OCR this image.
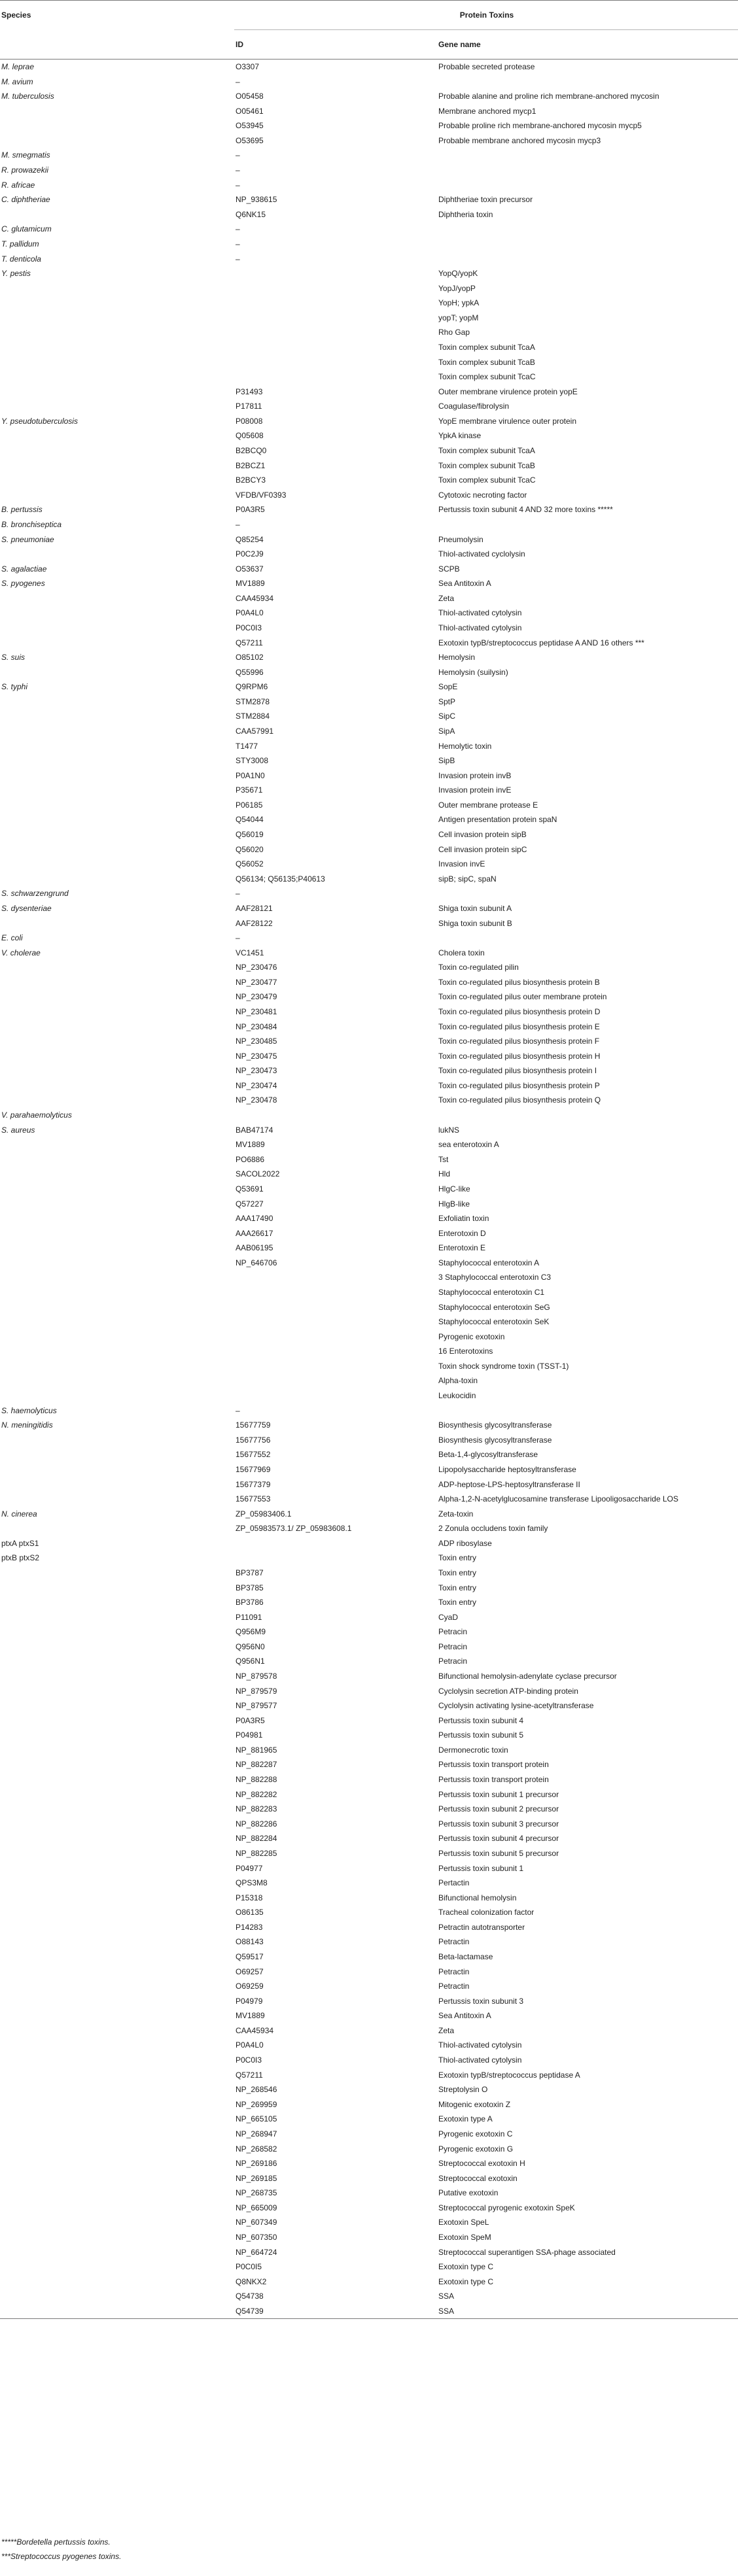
Species	Protein Toxins	
	ID	Gene name
M. leprae	O3307	Probable secreted protease
M. avium	–	
M. tuberculosis	O05458	Probable alanine and proline rich membrane-anchored mycosin
	O05461	Membrane anchored mycp1
	O53945	Probable proline rich membrane-anchored mycosin mycp5
	O53695	Probable membrane anchored mycosin mycp3
M. smegmatis	–	
R. prowazekii	–	
R. africae	–	
C. diphtheriae	NP_938615	Diphtheriae toxin precursor
	Q6NK15	Diphtheria toxin
C. glutamicum	–	
T. pallidum	–	
T. denticola	–	
Y. pestis		YopQ/yopK
		YopJ/yopP
		YopH; ypkA
		yopT; yopM
		Rho Gap
		Toxin complex subunit TcaA
		Toxin complex subunit TcaB
		Toxin complex subunit TcaC
	P31493	Outer membrane virulence protein yopE
	P17811	Coagulase/fibrolysin
Y. pseudotuberculosis	P08008	YopE membrane virulence outer protein
	Q05608	YpkA kinase
	B2BCQ0	Toxin complex subunit TcaA
	B2BCZ1	Toxin complex subunit TcaB
	B2BCY3	Toxin complex subunit TcaC
	VFDB/VF0393	Cytotoxic necroting factor
B. pertussis	P0A3R5	Pertussis toxin subunit 4 AND 32 more toxins *****
B. bronchiseptica	–	
S. pneumoniae	Q85254	Pneumolysin
	P0C2J9	Thiol-activated cyclolysin
S. agalactiae	O53637	SCPB
S. pyogenes	MV1889	Sea Antitoxin A
	CAA45934	Zeta
	P0A4L0	Thiol-activated cytolysin
	P0C0I3	Thiol-activated cytolysin
	Q57211	Exotoxin typB/streptococcus peptidase A AND 16 others ***
S. suis	O85102	Hemolysin
	Q55996	Hemolysin (suilysin)
S. typhi	Q9RPM6	SopE
	STM2878	SptP
	STM2884	SipC
	CAA57991	SipA
	T1477	Hemolytic toxin
	STY3008	SipB
	P0A1N0	Invasion protein invB
	P35671	Invasion protein invE
	P06185	Outer membrane protease E
	Q54044	Antigen presentation protein spaN
	Q56019	Cell invasion protein sipB
	Q56020	Cell invasion protein sipC
	Q56052	Invasion invE
	Q56134; Q56135;P40613	sipB; sipC, spaN
S. schwarzengrund	–	
S. dysenteriae	AAF28121	Shiga toxin subunit A
	AAF28122	Shiga toxin subunit B
E. coli	–	
V. cholerae	VC1451	Cholera toxin
	NP_230476	Toxin co-regulated pilin
	NP_230477	Toxin co-regulated pilus biosynthesis protein B
	NP_230479	Toxin co-regulated pilus outer membrane protein
	NP_230481	Toxin co-regulated pilus biosynthesis protein D
	NP_230484	Toxin co-regulated pilus biosynthesis protein E
	NP_230485	Toxin co-regulated pilus biosynthesis protein F
	NP_230475	Toxin co-regulated pilus biosynthesis protein H
	NP_230473	Toxin co-regulated pilus biosynthesis protein I
	NP_230474	Toxin co-regulated pilus biosynthesis protein P
	NP_230478	Toxin co-regulated pilus biosynthesis protein Q
V. parahaemolyticus		
S. aureus	BAB47174	lukNS
	MV1889	sea enterotoxin A
	PO6886	Tst
	SACOL2022	Hld
	Q53691	HlgC-like
	Q57227	HlgB-like
	AAA17490	Exfoliatin toxin
	AAA26617	Enterotoxin D
	AAB06195	Enterotoxin E
	NP_646706	Staphylococcal enterotoxin A
		3 Staphylococcal enterotoxin C3
		Staphylococcal enterotoxin C1
		Staphylococcal enterotoxin SeG
		Staphylococcal enterotoxin SeK
		Pyrogenic exotoxin
		16 Enterotoxins
		Toxin shock syndrome toxin (TSST-1)
		Alpha-toxin
		Leukocidin
S. haemolyticus	–	
N. meningitidis	15677759	Biosynthesis glycosyltransferase
	15677756	Biosynthesis glycosyltransferase
	15677552	Beta-1,4-glycosyltransferase
	15677969	Lipopolysaccharide heptosyltransferase
	15677379	ADP-heptose-LPS-heptosyltransferase II
	15677553	Alpha-1,2-N-acetylglucosamine transferase Lipooligosaccharide LOS
N. cinerea	ZP_05983406.1	Zeta-toxin
	ZP_05983573.1/ ZP_05983608.1	2 Zonula occludens toxin family
ptxA ptxS1		ADP ribosylase
ptxB ptxS2		Toxin entry
	BP3787	Toxin entry
	BP3785	Toxin entry
	BP3786	Toxin entry
	P11091	CyaD
	Q956M9	Petracin
	Q956N0	Petracin
	Q956N1	Petracin
	NP_879578	Bifunctional hemolysin-adenylate cyclase precursor
	NP_879579	Cyclolysin secretion ATP-binding protein
	NP_879577	Cyclolysin activating lysine-acetyltransferase
	P0A3R5	Pertussis toxin subunit 4
	P04981	Pertussis toxin subunit 5
	NP_881965	Dermonecrotic toxin
	NP_882287	Pertussis toxin transport protein
	NP_882288	Pertussis toxin transport protein
	NP_882282	Pertussis toxin subunit 1 precursor
	NP_882283	Pertussis toxin subunit 2 precursor
	NP_882286	Pertussis toxin subunit 3 precursor
	NP_882284	Pertussis toxin subunit 4 precursor
	NP_882285	Pertussis toxin subunit 5 precursor
	P04977	Pertussis toxin subunit 1
	QPS3M8	Pertactin
	P15318	Bifunctional hemolysin
	O86135	Tracheal colonization factor
	P14283	Petractin autotransporter
	O88143	Petractin
	Q59517	Beta-lactamase
	O69257	Petractin
	O69259	Petractin
	P04979	Pertussis toxin subunit 3
	MV1889	Sea Antitoxin A
	CAA45934	Zeta
	P0A4L0	Thiol-activated cytolysin
	P0C0I3	Thiol-activated cytolysin
	Q57211	Exotoxin typB/streptococcus peptidase A
	NP_268546	Streptolysin O
	NP_269959	Mitogenic exotoxin Z
	NP_665105	Exotoxin type A
	NP_268947	Pyrogenic exotoxin C
	NP_268582	Pyrogenic exotoxin G
	NP_269186	Streptococcal exotoxin H
	NP_269185	Streptococcal exotoxin
	NP_268735	Putative exotoxin
	NP_665009	Streptococcal pyrogenic exotoxin SpeK
	NP_607349	Exotoxin SpeL
	NP_607350	Exotoxin SpeM
	NP_664724	Streptococcal superantigen SSA-phage associated
	P0C0I5	Exotoxin type C
	Q8NKX2	Exotoxin type C
	Q54738	SSA
	Q54739	SSA
*****Bordetella pertussis toxins.
***Streptococcus pyogenes toxins.
